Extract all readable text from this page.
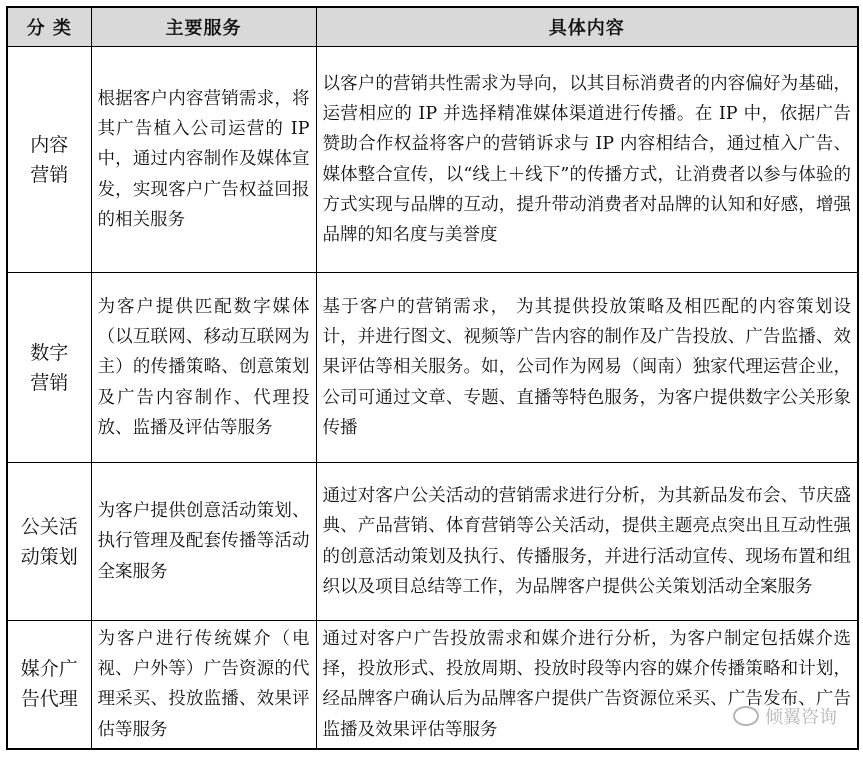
分 类	主要服务	具体内容

内容
营销	根据客户内容营销需求，将其广告植入公司运营的 IP 中，通过内容制作及媒体宣发，实现客户广告权益回报的相关服务	以客户的营销共性需求为导向，以其目标消费者的内容偏好为基础，运营相应的 IP 并选择精准媒体渠道进行传播。在 IP 中，依据广告赞助合作权益将客户的营销诉求与 IP 内容相结合，通过植入广告、媒体整合宣传，以“线上＋线下”的传播方式，让消费者以参与体验的方式实现与品牌的互动，提升带动消费者对品牌的认知和好感，增强品牌的知名度与美誉度

数字
营销	为客户提供匹配数字媒体（以互联网、移动互联网为主）的传播策略、创意策划及广告内容制作、代理投放、监播及评估等服务	基于客户的营销需求， 为其提供投放策略及相匹配的内容策划设计，并进行图文、视频等广告内容的制作及广告投放、广告监播、效果评估等相关服务。如，公司作为网易（闽南）独家代理运营企业，公司可通过文章、专题、直播等特色服务，为客户提供数字公关形象传播

公关活
动策划	为客户提供创意活动策划、执行管理及配套传播等活动全案服务	通过对客户公关活动的营销需求进行分析，为其新品发布会、节庆盛典、产品营销、体育营销等公关活动，提供主题亮点突出且互动性强的创意活动策划及执行、传播服务，并进行活动宣传、现场布置和组织以及项目总结等工作，为品牌客户提供公关策划活动全案服务

媒介广
告代理	为客户进行传统媒介（电视、户外等）广告资源的代理采买、投放监播、效果评估等服务	通过对客户广告投放需求和媒介进行分析，为客户制定包括媒介选择，投放形式、投放周期、投放时段等内容的媒介传播策略和计划，经品牌客户确认后为品牌客户提供广告资源位采买、广告发布、广告监播及效果评估等服务
倾翼咨询
